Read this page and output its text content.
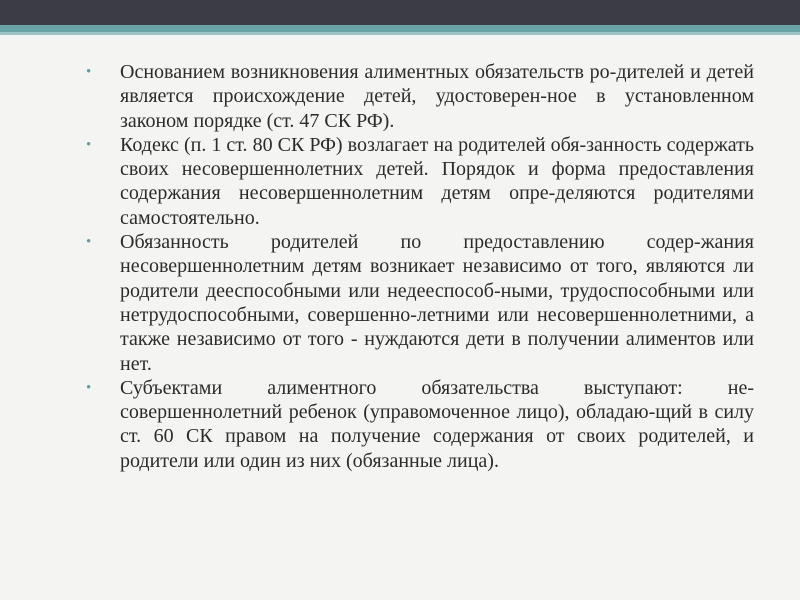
• Основанием возникновения алиментных обязательств ро-дителей и детей является происхождение детей, удостоверен-ное в установленном законом порядке (ст. 47 СК РФ).
• Кодекс (п. 1 ст. 80 СК РФ) возлагает на родителей обя-занность содержать своих несовершеннолетних детей. Порядок и форма предоставления содержания несовершеннолетним детям опре-деляются родителями самостоятельно.
• Обязанность родителей по предоставлению содер-жания несовершеннолетним детям возникает независимо от того, являются ли родители дееспособными или недееспособ-ными, трудоспособными или нетрудоспособными, совершенно-летними или несовершеннолетними, а также независимо от того - нуждаются дети в получении алиментов или нет.
• Субъектами алиментного обязательства выступают: не-совершеннолетний ребенок (управомоченное лицо), обладаю-щий в силу ст. 60 СК правом на получение содержания от своих родителей, и родители или один из них (обязанные лица).
